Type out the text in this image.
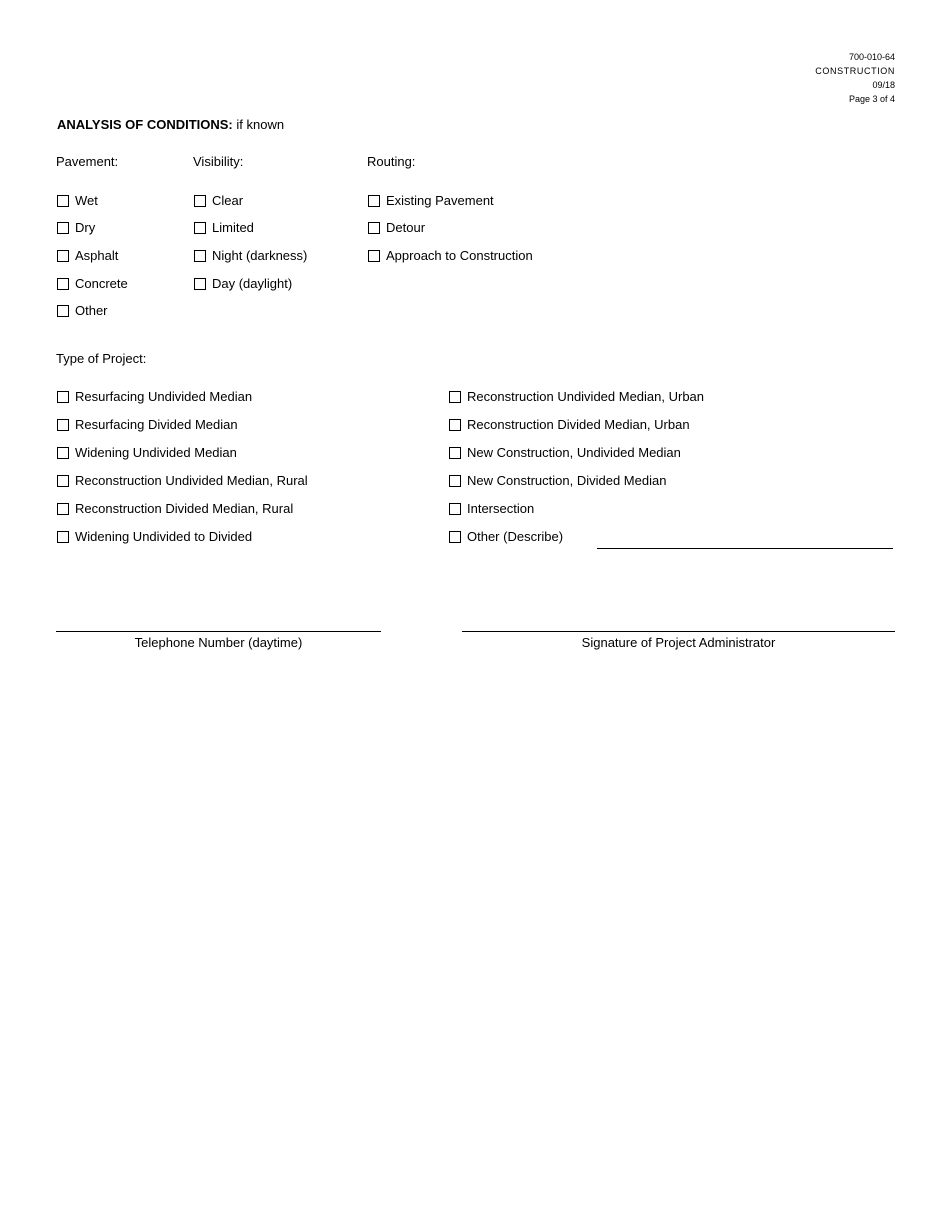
700-010-64
CONSTRUCTION
09/18
Page 3 of 4
ANALYSIS OF CONDITIONS: if known
Pavement:	Visibility:	Routing:
Wet
Dry
Asphalt
Concrete
Other
Clear
Limited
Night (darkness)
Day (daylight)
Existing Pavement
Detour
Approach to Construction
Type of Project:
Resurfacing Undivided Median
Resurfacing Divided Median
Widening Undivided Median
Reconstruction Undivided Median, Rural
Reconstruction Divided Median, Rural
Widening Undivided to Divided
Reconstruction Undivided Median, Urban
Reconstruction Divided Median, Urban
New Construction, Undivided Median
New Construction, Divided Median
Intersection
Other (Describe)
Telephone Number (daytime)	Signature of Project Administrator
